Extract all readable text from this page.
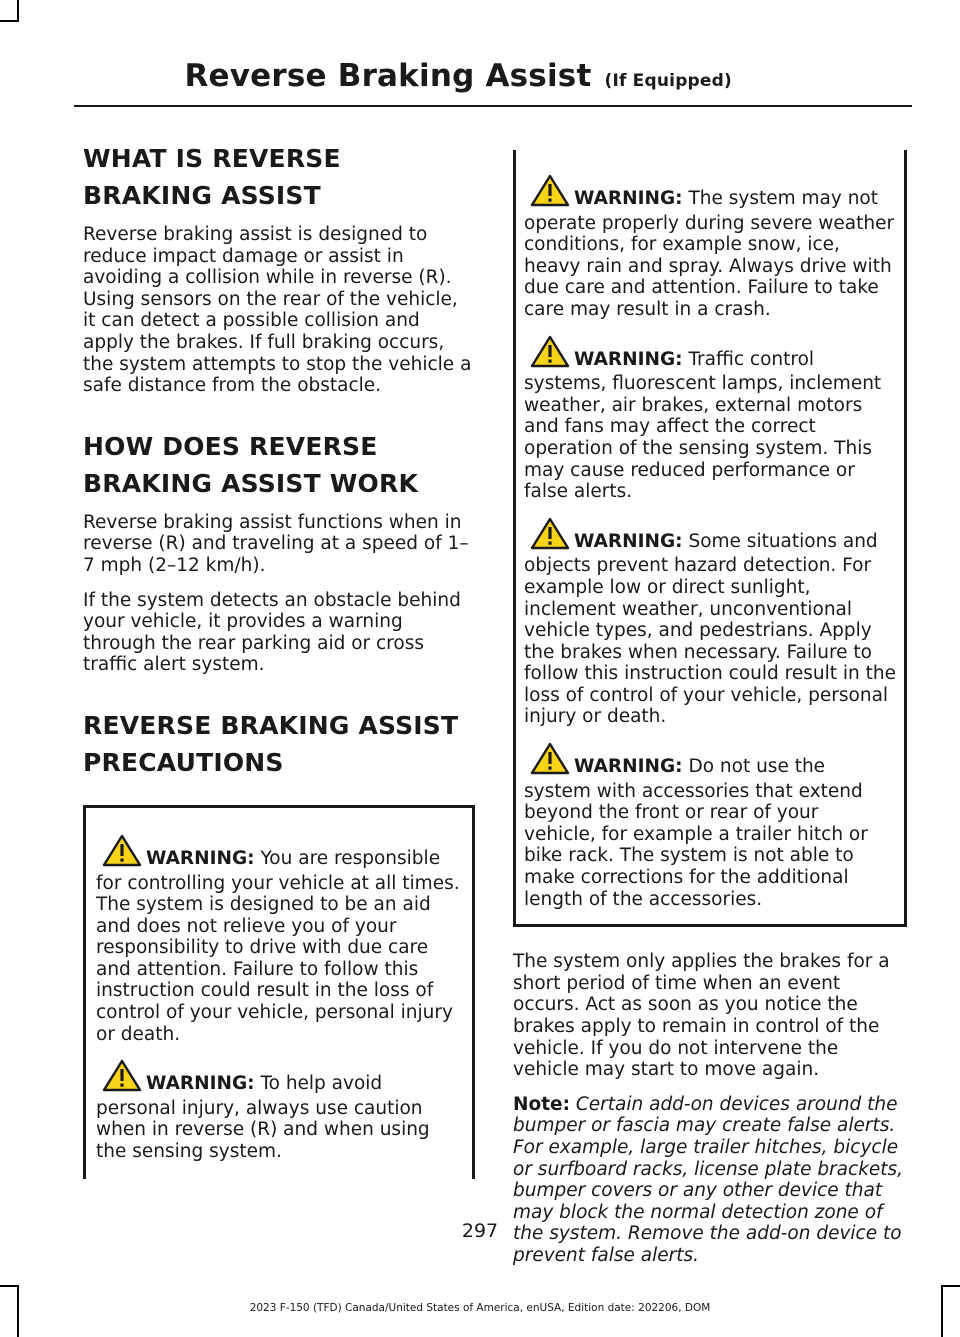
Reverse Braking Assist (If Equipped)
WHAT IS REVERSE BRAKING ASSIST

Reverse braking assist is designed to reduce impact damage or assist in avoiding a collision while in reverse (R). Using sensors on the rear of the vehicle, it can detect a possible collision and apply the brakes. If full braking occurs, the system attempts to stop the vehicle a safe distance from the obstacle.

HOW DOES REVERSE BRAKING ASSIST WORK

Reverse braking assist functions when in reverse (R) and traveling at a speed of 1–7 mph (2–12 km/h).

If the system detects an obstacle behind your vehicle, it provides a warning through the rear parking aid or cross traffic alert system.

REVERSE BRAKING ASSIST PRECAUTIONS
WARNING: You are responsible for controlling your vehicle at all times. The system is designed to be an aid and does not relieve you of your responsibility to drive with due care and attention. Failure to follow this instruction could result in the loss of control of your vehicle, personal injury or death.
WARNING: To help avoid personal injury, always use caution when in reverse (R) and when using the sensing system.
WARNING: The system may not operate properly during severe weather conditions, for example snow, ice, heavy rain and spray. Always drive with due care and attention. Failure to take care may result in a crash.
WARNING: Traffic control systems, fluorescent lamps, inclement weather, air brakes, external motors and fans may affect the correct operation of the sensing system. This may cause reduced performance or false alerts.
WARNING: Some situations and objects prevent hazard detection. For example low or direct sunlight, inclement weather, unconventional vehicle types, and pedestrians. Apply the brakes when necessary. Failure to follow this instruction could result in the loss of control of your vehicle, personal injury or death.
WARNING: Do not use the system with accessories that extend beyond the front or rear of your vehicle, for example a trailer hitch or bike rack. The system is not able to make corrections for the additional length of the accessories.

The system only applies the brakes for a short period of time when an event occurs. Act as soon as you notice the brakes apply to remain in control of the vehicle. If you do not intervene the vehicle may start to move again.

Note: Certain add-on devices around the bumper or fascia may create false alerts. For example, large trailer hitches, bicycle or surfboard racks, license plate brackets, bumper covers or any other device that may block the normal detection zone of the system. Remove the add-on device to prevent false alerts.

297
2023 F-150 (TFD) Canada/United States of America, enUSA, Edition date: 202206, DOM
